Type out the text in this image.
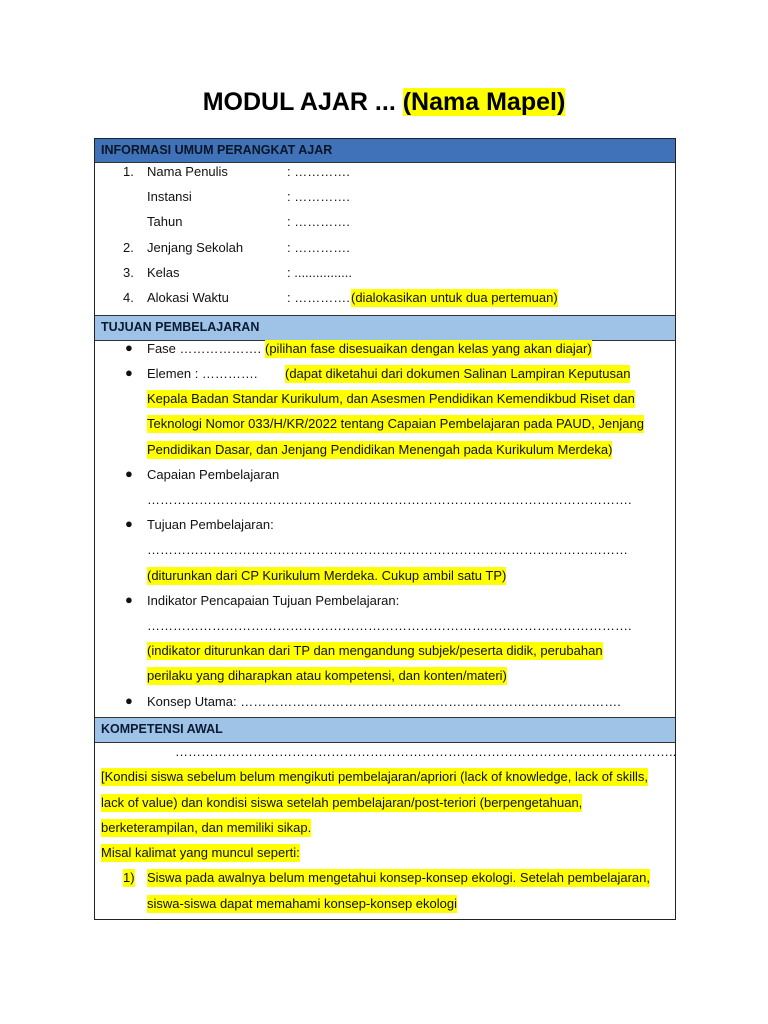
MODUL AJAR ... (Nama Mapel)
INFORMASI UMUM PERANGKAT AJAR
1. Nama Penulis	: ………….
Instansi	: ………….
Tahun	: ………….
2. Jenjang Sekolah	: ………….
3. Kelas	: ................
4. Alokasi Waktu	: …………. (dialokasikan untuk dua pertemuan)
TUJUAN PEMBELAJARAN
● Fase ………………. (pilihan fase disesuaikan dengan kelas yang akan diajar)
● Elemen : …………. (dapat diketahui dari dokumen Salinan Lampiran Keputusan
Kepala Badan Standar Kurikulum, dan Asesmen Pendidikan Kemendikbud Riset dan
Teknologi Nomor 033/H/KR/2022 tentang Capaian Pembelajaran pada PAUD, Jenjang
Pendidikan Dasar, dan Jenjang Pendidikan Menengah pada Kurikulum Merdeka)
● Capaian Pembelajaran
………………………………………………………………………………………………….
● Tujuan Pembelajaran:
…………………………………………………………………………………………………
(diturunkan dari CP Kurikulum Merdeka. Cukup ambil satu TP)
● Indikator Pencapaian Tujuan Pembelajaran:
………………………………………………………………………………………………….
(indikator diturunkan dari TP dan mengandung subjek/peserta didik, perubahan
perilaku yang diharapkan atau kompetensi, dan konten/materi)
● Konsep Utama: …………………………………………………………………………….
KOMPETENSI AWAL
……………………………………………………………………………………………………..
[Kondisi siswa sebelum belum mengikuti pembelajaran/apriori (lack of knowledge, lack of skills,
lack of value) dan kondisi siswa setelah pembelajaran/post-teriori (berpengetahuan,
berketerampilan, dan memiliki sikap.
Misal kalimat yang muncul seperti:
1) Siswa pada awalnya belum mengetahui konsep-konsep ekologi. Setelah pembelajaran,
siswa-siswa dapat memahami konsep-konsep ekologi
